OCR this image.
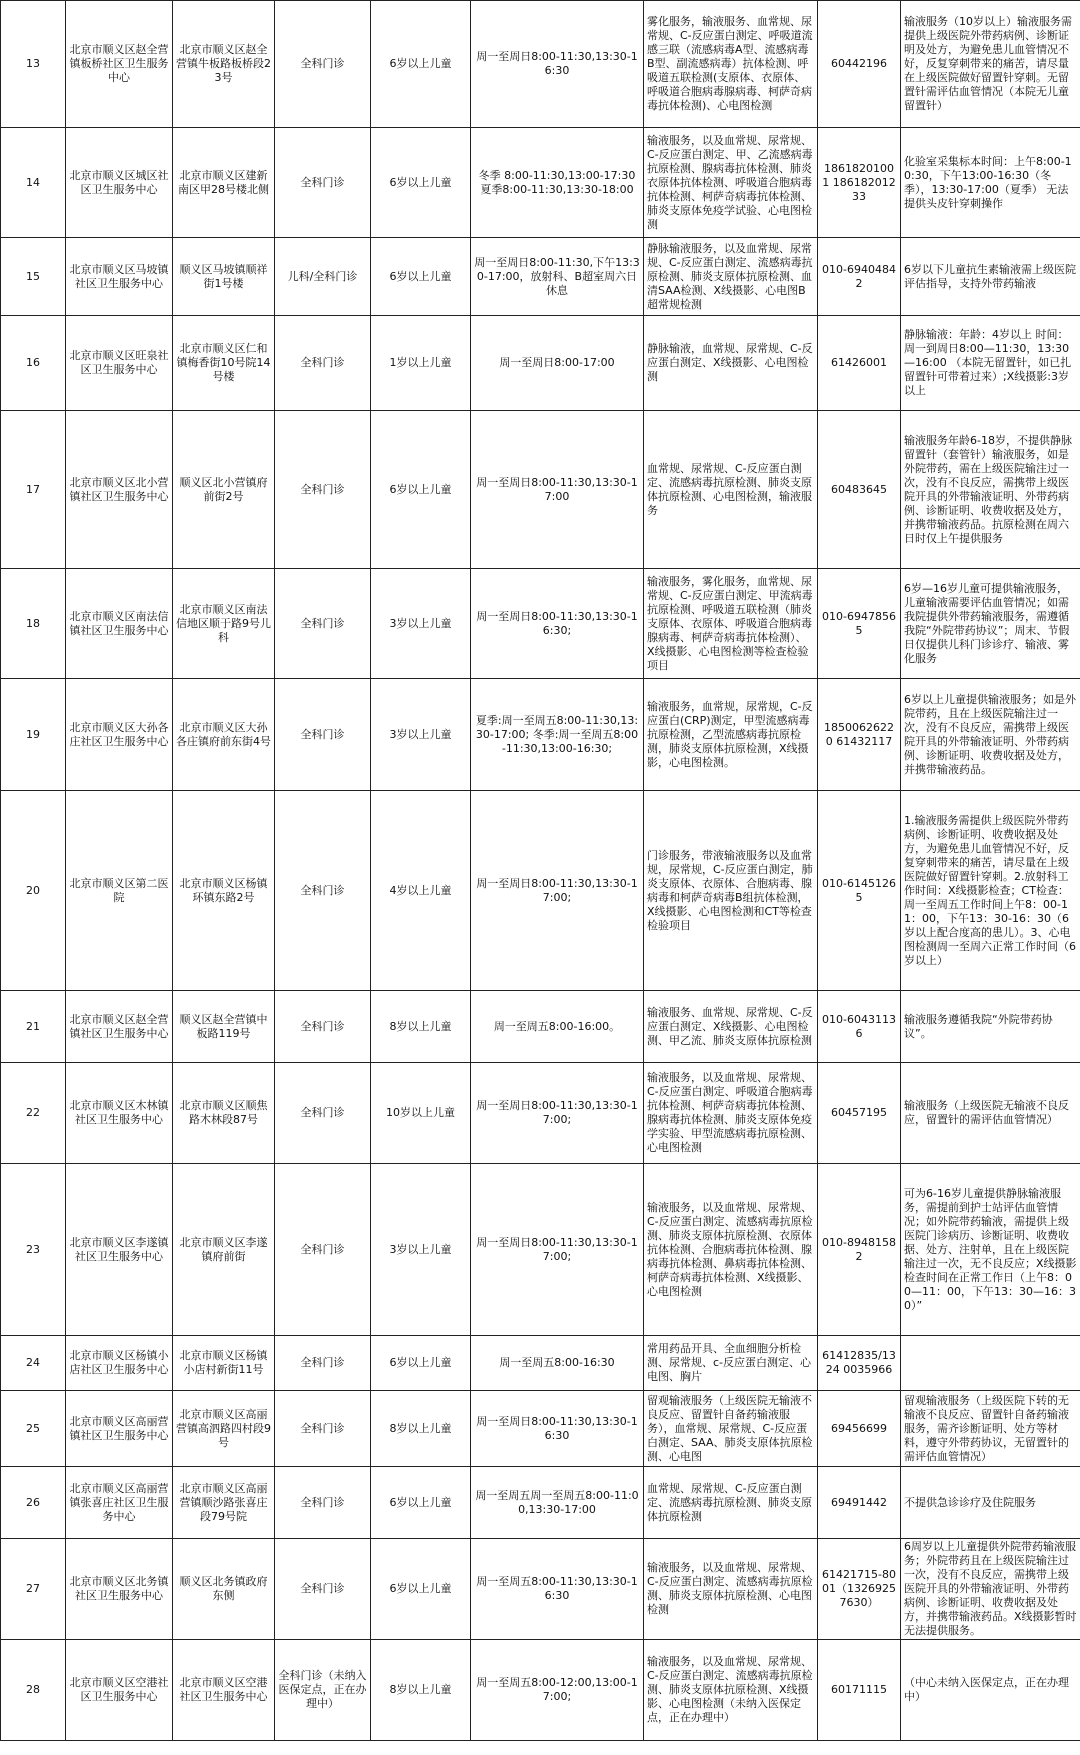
13	北京市顺义区赵全营镇板桥社区卫生服务中心	北京市顺义区赵全营镇牛板路板桥段23号	全科门诊	6岁以上儿童	周一至周日8:00-11:30,13:30-16:30	雾化服务，输液服务、血常规、尿常规、C-反应蛋白测定、呼吸道流感三联（流感病毒A型、流感病毒B型、副流感病毒）抗体检测、呼吸道五联检测(支原体、衣原体、呼吸道合胞病毒腺病毒、柯萨奇病毒抗体检测)、心电图检测	60442196	输液服务（10岁以上）输液服务需提供上级医院外带药病例、诊断证明及处方，为避免患儿血管情况不好，反复穿刺带来的痛苦，请尽量在上级医院做好留置针穿刺。无留置针需评估血管情况（本院无儿童留置针）
14	北京市顺义区城区社区卫生服务中心	北京市顺义区建新南区甲28号楼北侧	全科门诊	6岁以上儿童	冬季 8:00-11:30,13:00-17:30 夏季8:00-11:30,13:30-18:00	输液服务，以及血常规、尿常规、C-反应蛋白测定、甲、乙流感病毒抗原检测、腺病毒抗体检测、肺炎衣原体抗体检测、呼吸道合胞病毒抗体检测、柯萨奇病毒抗体检测、肺炎支原体免疫学试验、心电图检测	18618201001 18618201233	化验室采集标本时间：上午8:00-10:30，下午13:00-16:30（冬季），13:30-17:00（夏季） 无法提供头皮针穿刺操作
15	北京市顺义区马坡镇社区卫生服务中心	顺义区马坡镇顺祥街1号楼	儿科/全科门诊	6岁以上儿童	周一至周日8:00-11:30,下午13:30-17:00，放射科、B超室周六日休息	静脉输液服务，以及血常规、尿常规、C-反应蛋白测定、流感病毒抗原检测、肺炎支原体抗原检测、血清SAA检测、X线摄影、心电图B超常规检测	010-69404842	6岁以下儿童抗生素输液需上级医院评估指导，支持外带药输液
16	北京市顺义区旺泉社区卫生服务中心	北京市顺义区仁和镇梅香街10号院14号楼	全科门诊	1岁以上儿童	周一至周日8:00-17:00	静脉输液，血常规、尿常规、C-反应蛋白测定、X线摄影、心电图检测	61426001	静脉输液：年龄：4岁以上 时间：周一到周日8:00—11:30，13:30—16:00 （本院无留置针，如已扎留置针可带着过来）;X线摄影:3岁以上
17	北京市顺义区北小营镇社区卫生服务中心	顺义区北小营镇府前街2号	全科门诊	6岁以上儿童	周一至周日8:00-11:30,13:30-17:00	血常规、尿常规、C-反应蛋白测定、流感病毒抗原检测、肺炎支原体抗原检测、心电图检测，输液服务	60483645	输液服务年龄6-18岁，不提供静脉留置针（套管针）输液服务，如是外院带药，需在上级医院输注过一次，没有不良反应，需携带上级医院开具的外带输液证明、外带药病例、诊断证明、收费收据及处方，并携带输液药品。抗原检测在周六日时仅上午提供服务
18	北京市顺义区南法信镇社区卫生服务中心	北京市顺义区南法信地区顺于路9号儿科	全科门诊	3岁以上儿童	周一至周日8:00-11:30,13:30-16:30;	输液服务，雾化服务，血常规、尿常规、C-反应蛋白测定、甲流病毒抗原检测、呼吸道五联检测（肺炎支原体、衣原体、呼吸道合胞病毒腺病毒、柯萨奇病毒抗体检测）、X线摄影、心电图检测等检查检验项目	010-69478565	6岁—16岁儿童可提供输液服务，儿童输液需要评估血管情况；如需我院提供外带药输液服务，需遵循我院“外院带药协议”；周末、节假日仅提供儿科门诊诊疗、输液、雾化服务
19	北京市顺义区大孙各庄社区卫生服务中心	北京市顺义区大孙各庄镇府前东街4号	全科门诊	3岁以上儿童	夏季:周一至周五8:00-11:30,13:30-17:00; 冬季:周一至周五8:00-11:30,13:00-16:30;	输液服务，血常规，尿常规，C-反应蛋白(CRP)测定，甲型流感病毒抗原检测，乙型流感病毒抗原检测，肺炎支原体抗原检测，X线摄影，心电图检测。	18500626220 61432117	6岁以上儿童提供输液服务；如是外院带药，且在上级医院输注过一次，没有不良反应，需携带上级医院开具的外带输液证明、外带药病例、诊断证明、收费收据及处方，并携带输液药品。
20	北京市顺义区第二医院	北京市顺义区杨镇环镇东路2号	全科门诊	4岁以上儿童	周一至周日8:00-11:30,13:30-17:00;	门诊服务，带液输液服务以及血常规，尿常规，C-反应蛋白测定，肺炎支原体、衣原体、合胞病毒、腺病毒和柯萨奇病毒B组抗体检测，X线摄影、心电图检测和CT等检查检验项目	010-61451265	1.输液服务需提供上级医院外带药病例、诊断证明、收费收据及处方，为避免患儿血管情况不好，反复穿刺带来的痛苦，请尽量在上级医院做好留置针穿刺。2.放射科工作时间：X线摄影检查；CT检查：周一至周五工作时间上午8：00-11：00，下午13：30-16：30（6岁以上配合度高的患儿）。3、心电图检测周一至周六正常工作时间（6岁以上）
21	北京市顺义区赵全营镇社区卫生服务中心	顺义区赵全营镇中板路119号	全科门诊	8岁以上儿童	周一至周五8:00-16:00。	输液服务、血常规、尿常规、C-反应蛋白测定、X线摄影、心电图检测、甲乙流、肺炎支原体抗原检测	010-60431136	输液服务遵循我院“外院带药协议”。
22	北京市顺义区木林镇社区卫生服务中心	北京市顺义区顺焦路木林段87号	全科门诊	10岁以上儿童	周一至周日8:00-11:30,13:30-17:00;	输液服务，以及血常规、尿常规、C-反应蛋白测定、呼吸道合胞病毒抗体检测、柯萨奇病毒抗体检测、腺病毒抗体检测、肺炎支原体免疫学实验、甲型流感病毒抗原检测、心电图检测	60457195	输液服务（上级医院无输液不良反应，留置针的需评估血管情况）
23	北京市顺义区李遂镇社区卫生服务中心	北京市顺义区李遂镇府前街	全科门诊	3岁以上儿童	周一至周日8:00-11:30,13:30-17:00;	输液服务，以及血常规、尿常规、C-反应蛋白测定、流感病毒抗原检测、肺炎支原体抗原检测、衣原体抗体检测、合胞病毒抗体检测、腺病毒抗体检测、鼻病毒抗体检测、柯萨奇病毒抗体检测、X线摄影、心电图检测	010-89481582	可为6-16岁儿童提供静脉输液服务，需提前到护士站评估血管情况；如外院带药输液，需提供上级医院门诊病历、诊断证明、收费收据、处方、注射单，且在上级医院输注过一次，无不良反应；X线摄影检查时间在正常工作日（上午8：00—11：00，下午13：30—16：30）”
24	北京市顺义区杨镇小店社区卫生服务中心	北京市顺义区杨镇小店村新街11号	全科门诊	6岁以上儿童	周一至周五8:00-16:30	常用药品开具、全血细胞分析检测、尿常规、c-反应蛋白测定、心电图、胸片	61412835/1324 0035966	
25	北京市顺义区高丽营镇社区卫生服务中心	北京市顺义区高丽营镇高泗路四村段9号	全科门诊	8岁以上儿童	周一至周日8:00-11:30,13:30-16:30	留观输液服务（上级医院无输液不良反应、留置针自备药输液服务），血常规、尿常规、C-反应蛋白测定、SAA、肺炎支原体抗原检测、心电图	69456699	留观输液服务（上级医院下转的无输液不良反应、留置针自备药输液服务，需齐诊断证明、处方等材料，遵守外带药协议，无留置针的需评估血管情况）
26	北京市顺义区高丽营镇张喜庄社区卫生服务中心	北京市顺义区高丽营镇顺沙路张喜庄段79号院	全科门诊	6岁以上儿童	周一至周五周一至周五8:00-11:00,13:30-17:00	血常规、尿常规、C-反应蛋白测定、流感病毒抗原检测、肺炎支原体抗原检测	69491442	不提供急诊诊疗及住院服务
27	北京市顺义区北务镇社区卫生服务中心	顺义区北务镇政府东侧	全科门诊	6岁以上儿童	周一至周五8:00-11:30,13:30-16:30	输液服务，以及血常规、尿常规、C-反应蛋白测定、流感病毒抗原检测、肺炎支原体抗原检测、心电图检测	61421715-8001（13269257630）	6周岁以上儿童提供外院带药输液服务；外院带药且在上级医院输注过一次，没有不良反应，需携带上级医院开具的外带输液证明、外带药病例、诊断证明、收费收据及处方，并携带输液药品。X线摄影暂时无法提供服务。
28	北京市顺义区空港社区卫生服务中心	北京市顺义区空港社区卫生服务中心	全科门诊（未纳入医保定点，正在办理中）	8岁以上儿童	周一至周五8:00-12:00,13:00-17:00;	输液服务，以及血常规、尿常规、C-反应蛋白测定、流感病毒抗原检测、肺炎支原体抗原检测、X线摄影、心电图检测（未纳入医保定点，正在办理中）	60171115	（中心未纳入医保定点，正在办理中）
